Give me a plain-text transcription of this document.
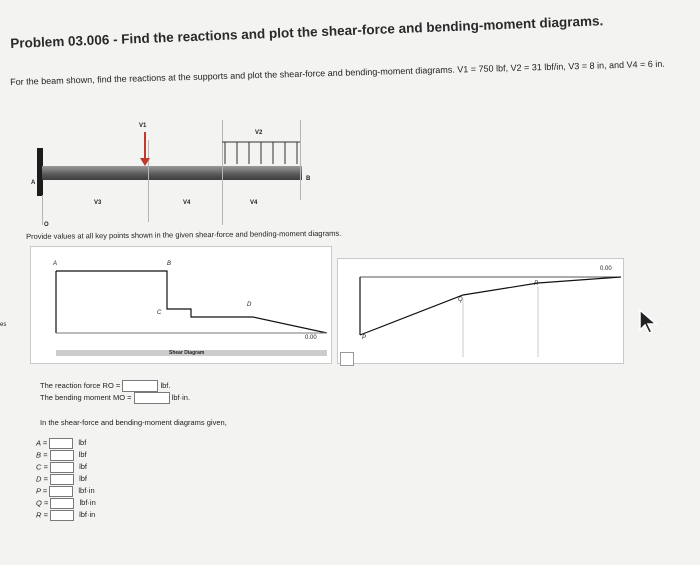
Problem 03.006 - Find the reactions and plot the shear-force and bending-moment diagrams.
For the beam shown, find the reactions at the supports and plot the shear-force and bending-moment diagrams. V1 = 750 lbf, V2 = 31 lbf/in, V3 = 8 in, and V4 = 6 in.
V1
V2
V3	V4	V4
A
B
O
Provide values at all key points shown in the given shear-force and bending-moment diagrams.
A	B
C
D
0.00
Shear Diagram
0.00
P
Q
R
es
The reaction force RO =	lbf.
The bending moment MO =	lbf·in.
In the shear-force and bending-moment diagrams given,
A =	lbf
B =	lbf
C =	lbf
D =	lbf
P =	lbf·in
Q =	lbf·in
R =	lbf·in
